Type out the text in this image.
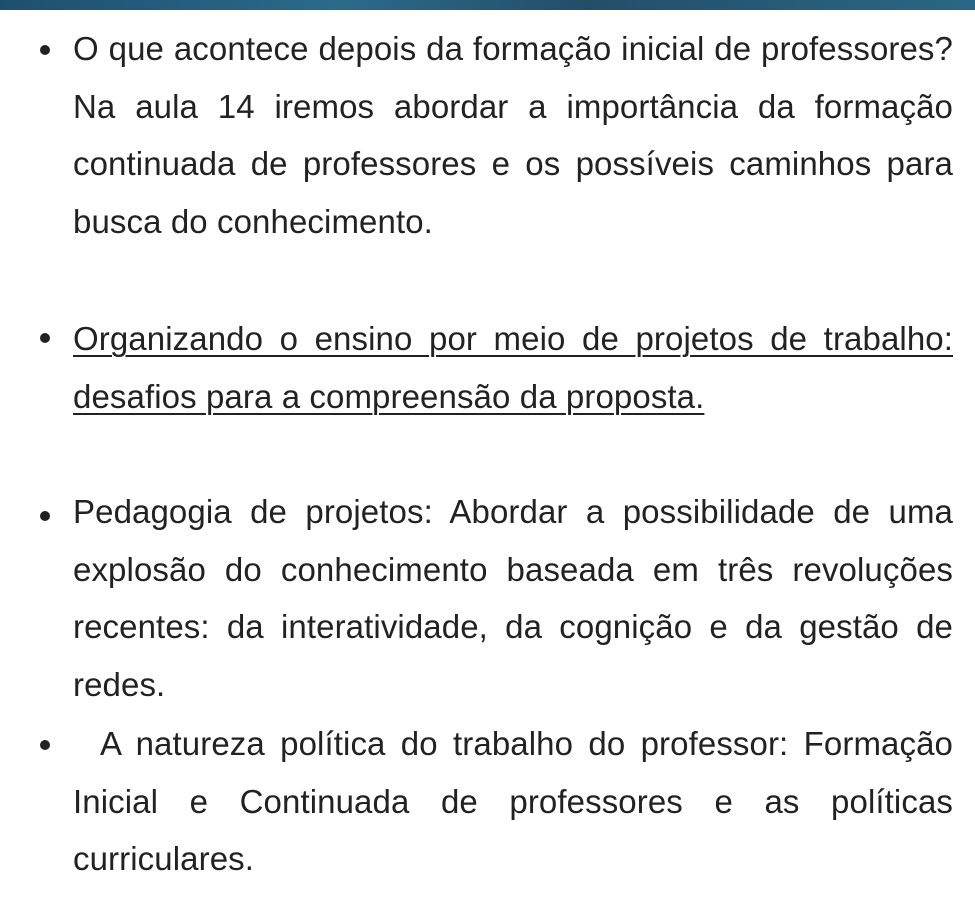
O que acontece depois da formação inicial de professores? Na aula 14 iremos abordar a importância da formação continuada de professores e os possíveis caminhos para busca do conhecimento.
Organizando o ensino por meio de projetos de trabalho: desafios para a compreensão da proposta.
Pedagogia de projetos: Abordar a possibilidade de uma explosão do conhecimento baseada em três revoluções recentes: da interatividade, da cognição e da gestão de redes.
A natureza política do trabalho do professor: Formação Inicial e Continuada de professores e as políticas curriculares.
